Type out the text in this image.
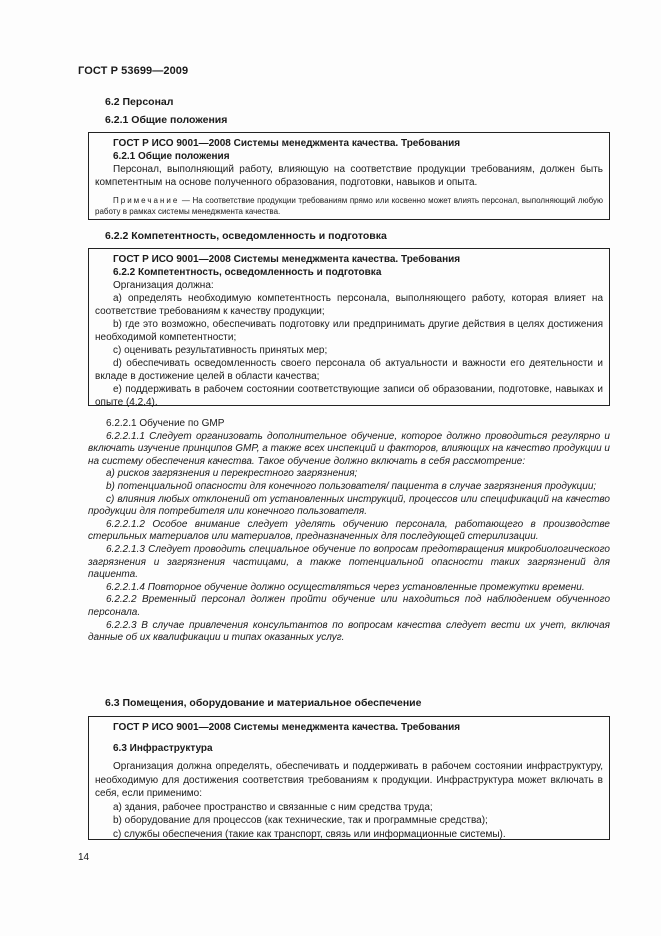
ГОСТ Р 53699—2009
6.2 Персонал
6.2.1 Общие положения

ГОСТ Р ИСО 9001—2008 Системы менеджмента качества. Требования

6.2.1 Общие положения

Персонал, выполняющий работу, влияющую на соответствие продукции требованиям, должен быть компетентным на основе полученного образования, подготовки, навыков и опыта.

Примечание — На соответствие продукции требованиям прямо или косвенно может влиять персонал, выполняющий любую работу в рамках системы менеджмента качества.

6.2.2 Компетентность, осведомленность и подготовка

ГОСТ Р ИСО 9001—2008 Системы менеджмента качества. Требования

6.2.2 Компетентность, осведомленность и подготовка

Организация должна:

a) определять необходимую компетентность персонала, выполняющего работу, которая влияет на соответствие требованиям к качеству продукции;

b) где это возможно, обеспечивать подготовку или предпринимать другие действия в целях достижения необходимой компетентности;

c) оценивать результативность принятых мер;

d) обеспечивать осведомленность своего персонала об актуальности и важности его деятельности и вкладе в достижение целей в области качества;

e) поддерживать в рабочем состоянии соответствующие записи об образовании, подготовке, навыках и опыте (4.2.4).

6.2.2.1 Обучение по GMP

6.2.2.1.1 Следует организовать дополнительное обучение, которое должно проводиться регулярно и включать изучение принципов GMP, а также всех инспекций и факторов, влияющих на качество продукции и на систему обеспечения качества. Такое обучение должно включать в себя рассмотрение:

a) рисков загрязнения и перекрестного загрязнения;

b) потенциальной опасности для конечного пользователя/ пациента в случае загрязнения продукции;

c) влияния любых отклонений от установленных инструкций, процессов или спецификаций на качество продукции для потребителя или конечного пользователя.

6.2.2.1.2 Особое внимание следует уделять обучению персонала, работающего в производстве стерильных материалов или материалов, предназначенных для последующей стерилизации.

6.2.2.1.3 Следует проводить специальное обучение по вопросам предотвращения микробиологического загрязнения и загрязнения частицами, а также потенциальной опасности таких загрязнений для пациента.

6.2.2.1.4 Повторное обучение должно осуществляться через установленные промежутки времени.

6.2.2.2 Временный персонал должен пройти обучение или находиться под наблюдением обученного персонала.

6.2.2.3 В случае привлечения консультантов по вопросам качества следует вести их учет, включая данные об их квалификации и типах оказанных услуг.

6.3 Помещения, оборудование и материальное обеспечение

ГОСТ Р ИСО 9001—2008 Системы менеджмента качества. Требования

6.3 Инфраструктура

Организация должна определять, обеспечивать и поддерживать в рабочем состоянии инфраструктуру, необходимую для достижения соответствия требованиям к продукции. Инфраструктура может включать в себя, если применимо:

a) здания, рабочее пространство и связанные с ним средства труда;

b) оборудование для процессов (как технические, так и программные средства);

c) службы обеспечения (такие как транспорт, связь или информационные системы).

14
